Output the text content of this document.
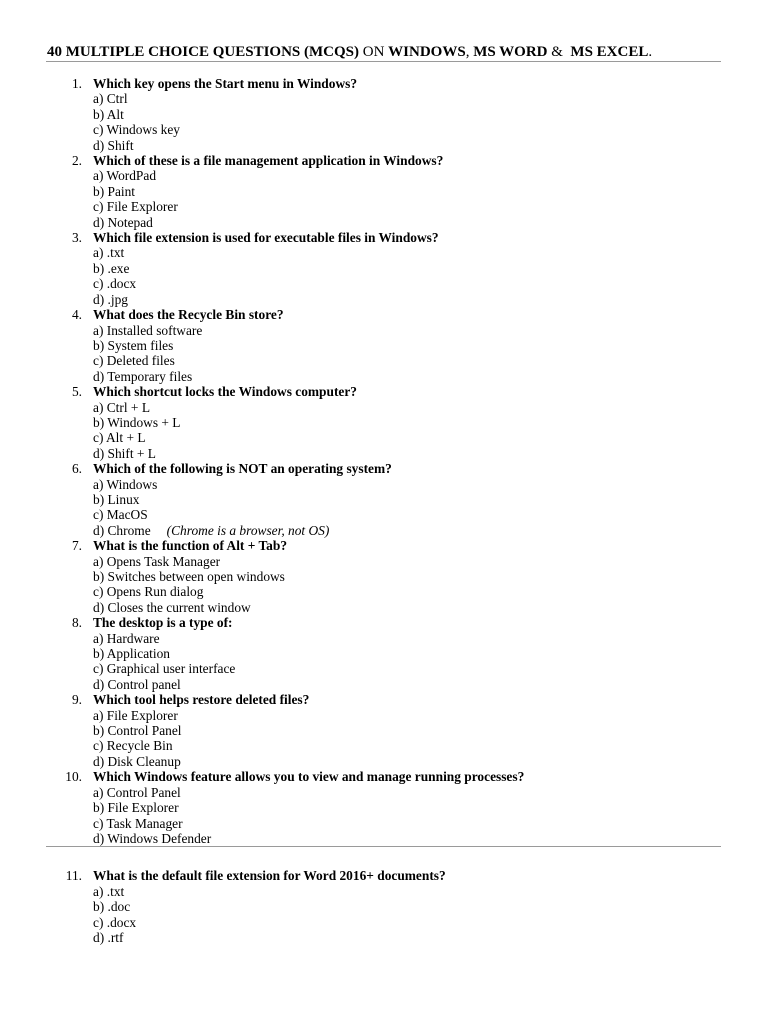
40 MULTIPLE CHOICE QUESTIONS (MCQS) ON WINDOWS, MS WORD & MS EXCEL.
1. Which key opens the Start menu in Windows?
a) Ctrl
b) Alt
c) Windows key
d) Shift
2. Which of these is a file management application in Windows?
a) WordPad
b) Paint
c) File Explorer
d) Notepad
3. Which file extension is used for executable files in Windows?
a) .txt
b) .exe
c) .docx
d) .jpg
4. What does the Recycle Bin store?
a) Installed software
b) System files
c) Deleted files
d) Temporary files
5. Which shortcut locks the Windows computer?
a) Ctrl + L
b) Windows + L
c) Alt + L
d) Shift + L
6. Which of the following is NOT an operating system?
a) Windows
b) Linux
c) MacOS
d) Chrome (Chrome is a browser, not OS)
7. What is the function of Alt + Tab?
a) Opens Task Manager
b) Switches between open windows
c) Opens Run dialog
d) Closes the current window
8. The desktop is a type of:
a) Hardware
b) Application
c) Graphical user interface
d) Control panel
9. Which tool helps restore deleted files?
a) File Explorer
b) Control Panel
c) Recycle Bin
d) Disk Cleanup
10. Which Windows feature allows you to view and manage running processes?
a) Control Panel
b) File Explorer
c) Task Manager
d) Windows Defender
11. What is the default file extension for Word 2016+ documents?
a) .txt
b) .doc
c) .docx
d) .rtf
